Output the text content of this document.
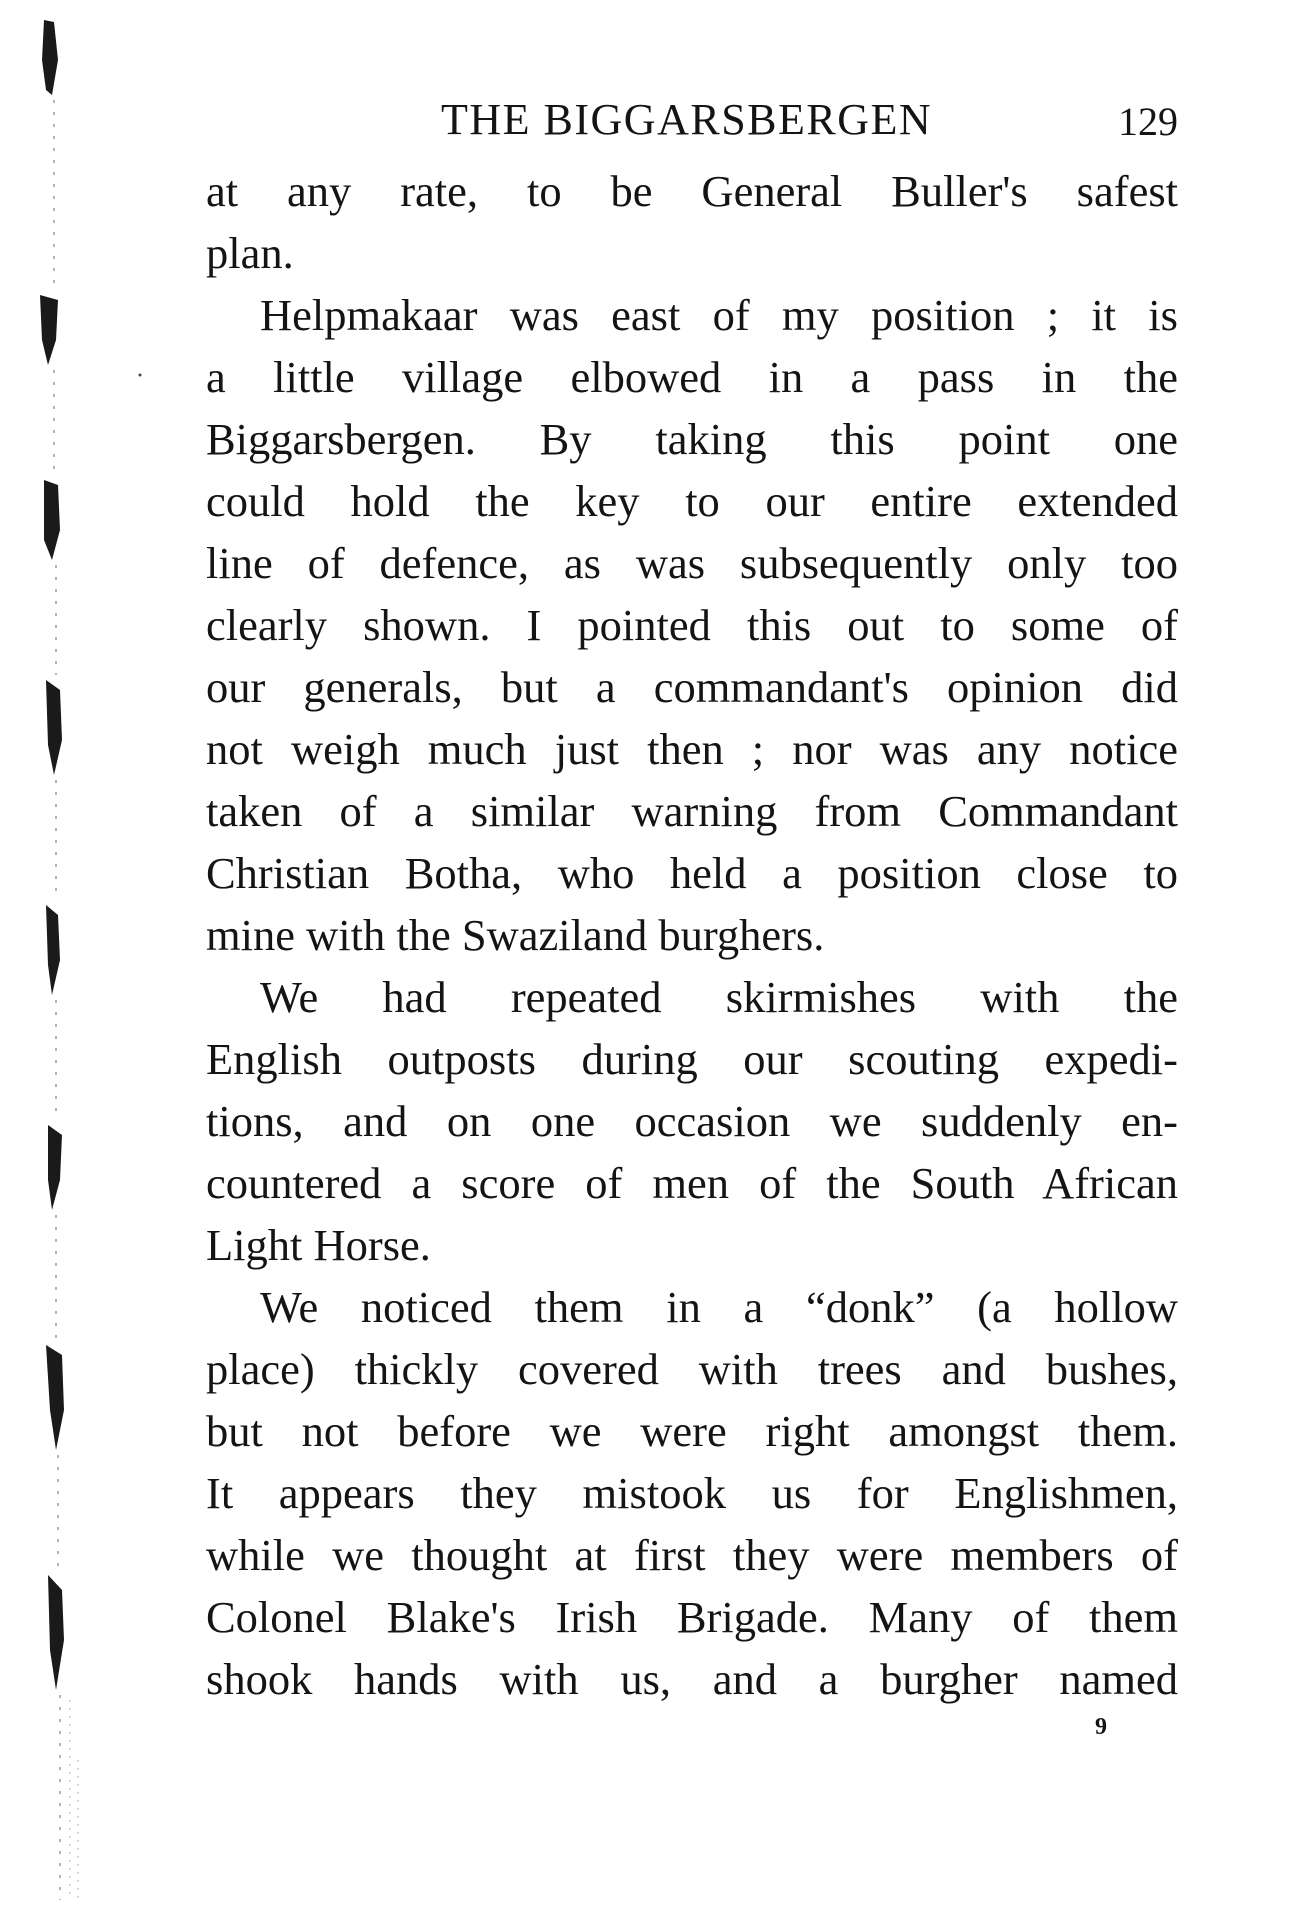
THE BIGGARSBERGEN	129
at any rate, to be General Buller's safest
plan.
Helpmakaar was east of my position ; it is
a little village elbowed in a pass in the
Biggarsbergen. By taking this point one
could hold the key to our entire extended
line of defence, as was subsequently only too
clearly shown. I pointed this out to some of
our generals, but a commandant's opinion did
not weigh much just then ; nor was any notice
taken of a similar warning from Commandant
Christian Botha, who held a position close to
mine with the Swaziland burghers.
We had repeated skirmishes with the
English outposts during our scouting expedi-
tions, and on one occasion we suddenly en-
countered a score of men of the South African
Light Horse.
We noticed them in a “donk” (a hollow
place) thickly covered with trees and bushes,
but not before we were right amongst them.
It appears they mistook us for Englishmen,
while we thought at first they were members of
Colonel Blake's Irish Brigade. Many of them
shook hands with us, and a burgher named
9
